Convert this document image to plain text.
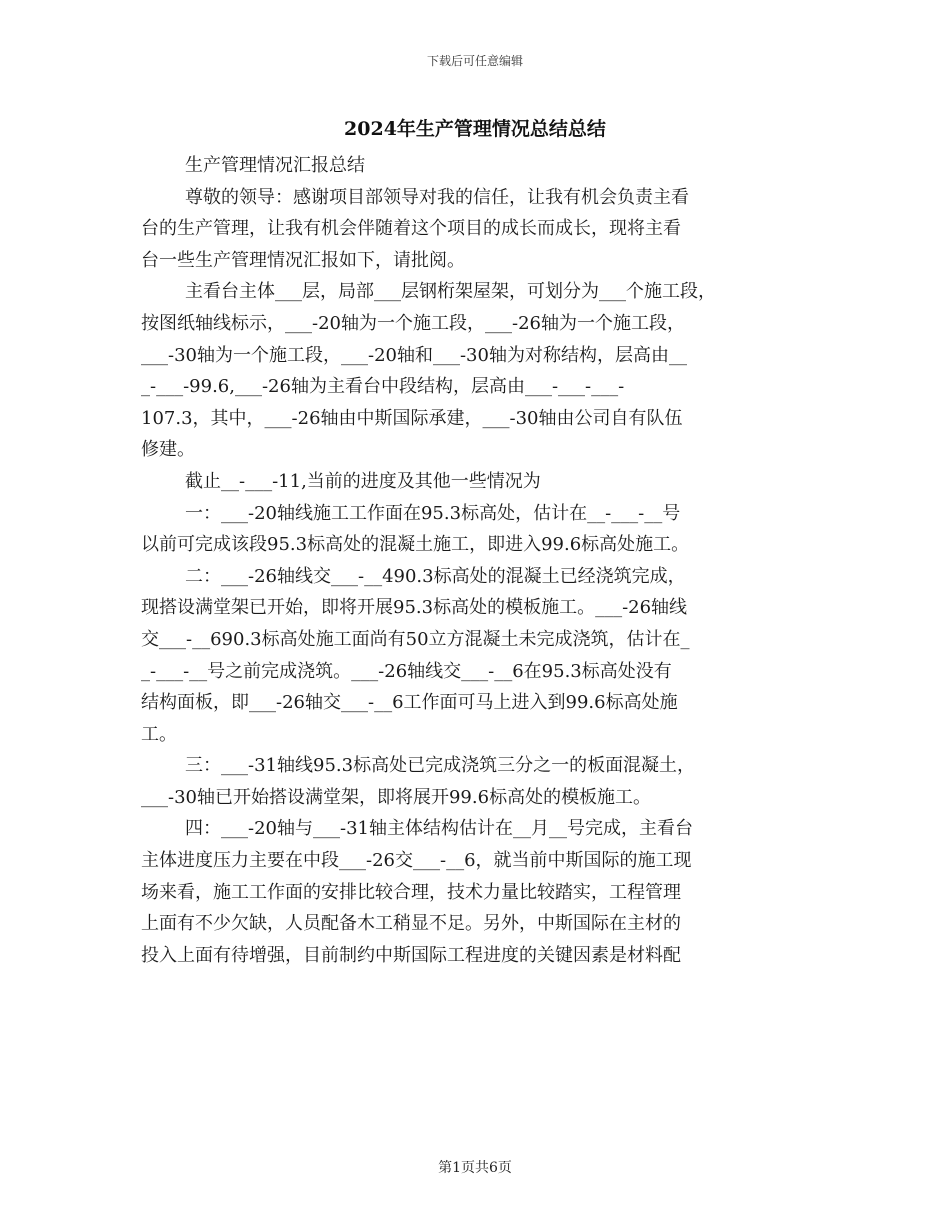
下载后可任意编辑
2024年生产管理情况总结总结
生产管理情况汇报总结
尊敬的领导：感谢项目部领导对我的信任，让我有机会负责主看
台的生产管理，让我有机会伴随着这个项目的成长而成长，现将主看
台一些生产管理情况汇报如下，请批阅。
主看台主体___层，局部___层钢桁架屋架，可划分为___个施工段，
按图纸轴线标示，___-20轴为一个施工段，___-26轴为一个施工段，
___-30轴为一个施工段，___-20轴和___-30轴为对称结构，层高由__
_-___-99.6,___-26轴为主看台中段结构，层高由___-___-___-
107.3，其中，___-26轴由中斯国际承建，___-30轴由公司自有队伍
修建。
截止__-___-11,当前的进度及其他一些情况为
一：___-20轴线施工工作面在95.3标高处，估计在__-___-__号
以前可完成该段95.3标高处的混凝土施工，即进入99.6标高处施工。
二：___-26轴线交___-__490.3标高处的混凝土已经浇筑完成，
现搭设满堂架已开始，即将开展95.3标高处的模板施工。___-26轴线
交___-__690.3标高处施工面尚有50立方混凝土未完成浇筑，估计在_
_-___-__号之前完成浇筑。___-26轴线交___-__6在95.3标高处没有
结构面板，即___-26轴交___-__6工作面可马上进入到99.6标高处施
工。
三：___-31轴线95.3标高处已完成浇筑三分之一的板面混凝土，
___-30轴已开始搭设满堂架，即将展开99.6标高处的模板施工。
四：___-20轴与___-31轴主体结构估计在__月__号完成，主看台
主体进度压力主要在中段___-26交___-__6，就当前中斯国际的施工现
场来看，施工工作面的安排比较合理，技术力量比较踏实，工程管理
上面有不少欠缺，人员配备木工稍显不足。另外，中斯国际在主材的
投入上面有待增强，目前制约中斯国际工程进度的关键因素是材料配
第1页共6页
